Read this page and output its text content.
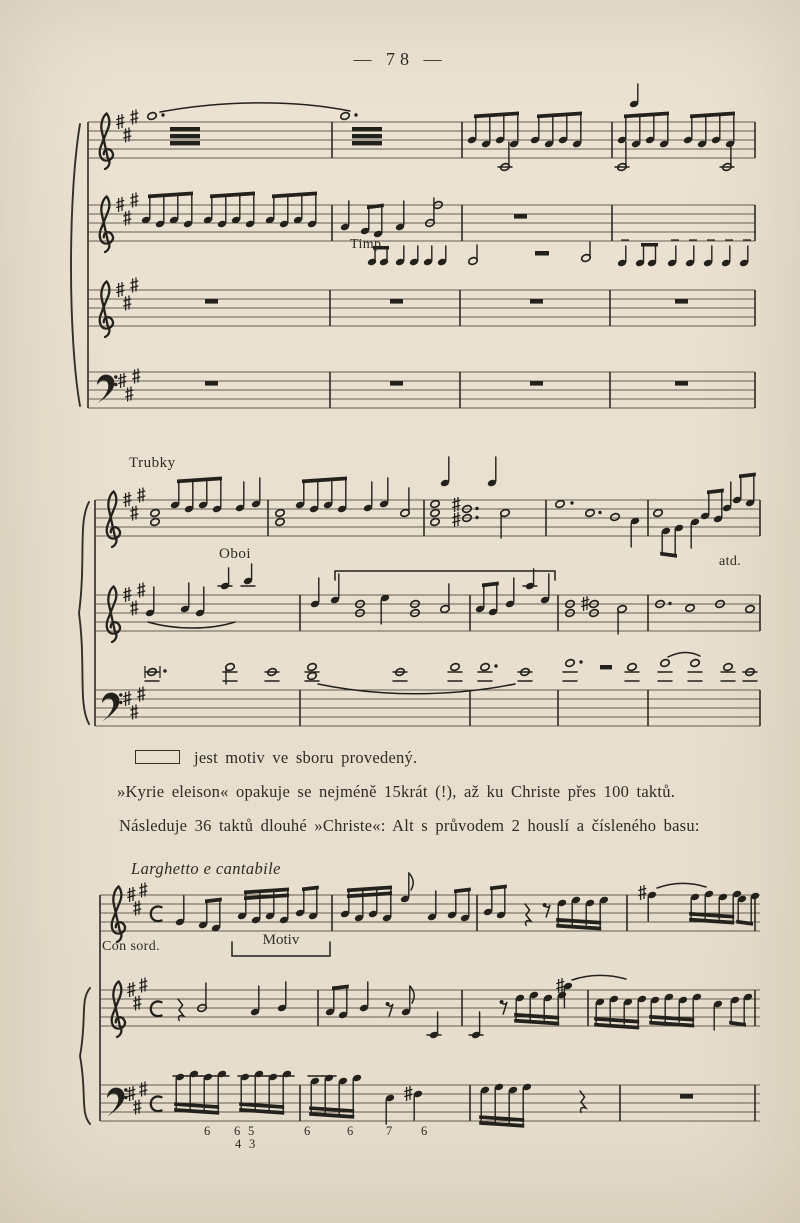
— 78 —
Timp.
Trubky
Oboi	atd.
Larghetto e cantabile
Con sord.	Motiv
jest motiv ve sboru provedený.
»Kyrie eleison« opakuje se nejméně 15krát (!), až ku Christe přes 100 taktů.
Následuje 36 taktů dlouhé »Christe«: Alt s průvodem 2 houslí a čísleného basu:
6 6 5
4 3
6	6	7 6
